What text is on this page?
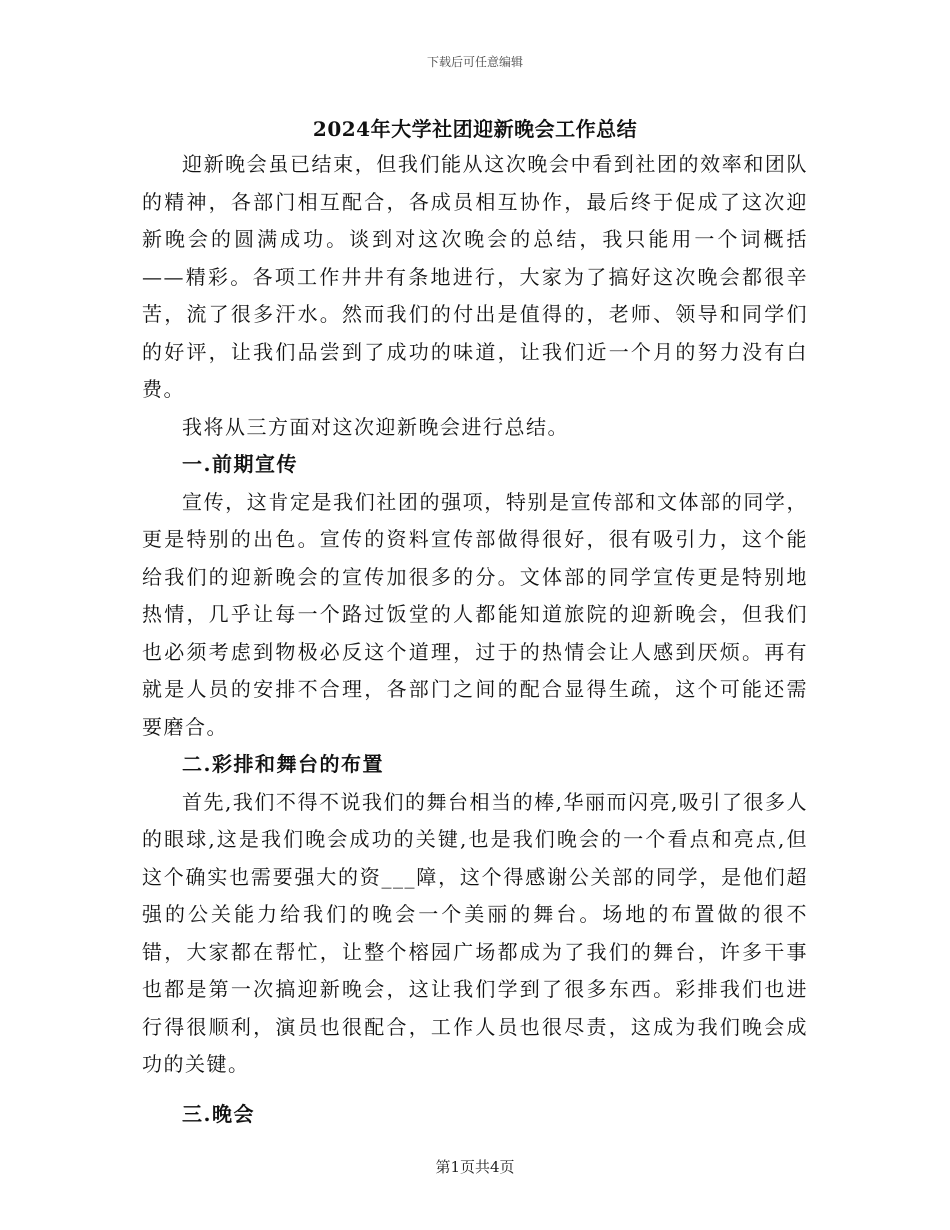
下载后可任意编辑
2024年大学社团迎新晚会工作总结

迎新晚会虽已结束，但我们能从这次晚会中看到社团的效率和团队的精神，各部门相互配合，各成员相互协作，最后终于促成了这次迎新晚会的圆满成功。谈到对这次晚会的总结，我只能用一个词概括——精彩。各项工作井井有条地进行，大家为了搞好这次晚会都很辛苦，流了很多汗水。然而我们的付出是值得的，老师、领导和同学们的好评，让我们品尝到了成功的味道，让我们近一个月的努力没有白费。

我将从三方面对这次迎新晚会进行总结。

一.前期宣传

宣传，这肯定是我们社团的强项，特别是宣传部和文体部的同学，更是特别的出色。宣传的资料宣传部做得很好，很有吸引力，这个能给我们的迎新晚会的宣传加很多的分。文体部的同学宣传更是特别地热情，几乎让每一个路过饭堂的人都能知道旅院的迎新晚会，但我们也必须考虑到物极必反这个道理，过于的热情会让人感到厌烦。再有就是人员的安排不合理，各部门之间的配合显得生疏，这个可能还需要磨合。

二.彩排和舞台的布置

首先,我们不得不说我们的舞台相当的棒,华丽而闪亮,吸引了很多人的眼球,这是我们晚会成功的关键,也是我们晚会的一个看点和亮点,但这个确实也需要强大的资___障，这个得感谢公关部的同学，是他们超强的公关能力给我们的晚会一个美丽的舞台。场地的布置做的很不错，大家都在帮忙，让整个榕园广场都成为了我们的舞台，许多干事也都是第一次搞迎新晚会，这让我们学到了很多东西。彩排我们也进行得很顺利，演员也很配合，工作人员也很尽责，这成为我们晚会成功的关键。

三.晚会

第1页共4页
